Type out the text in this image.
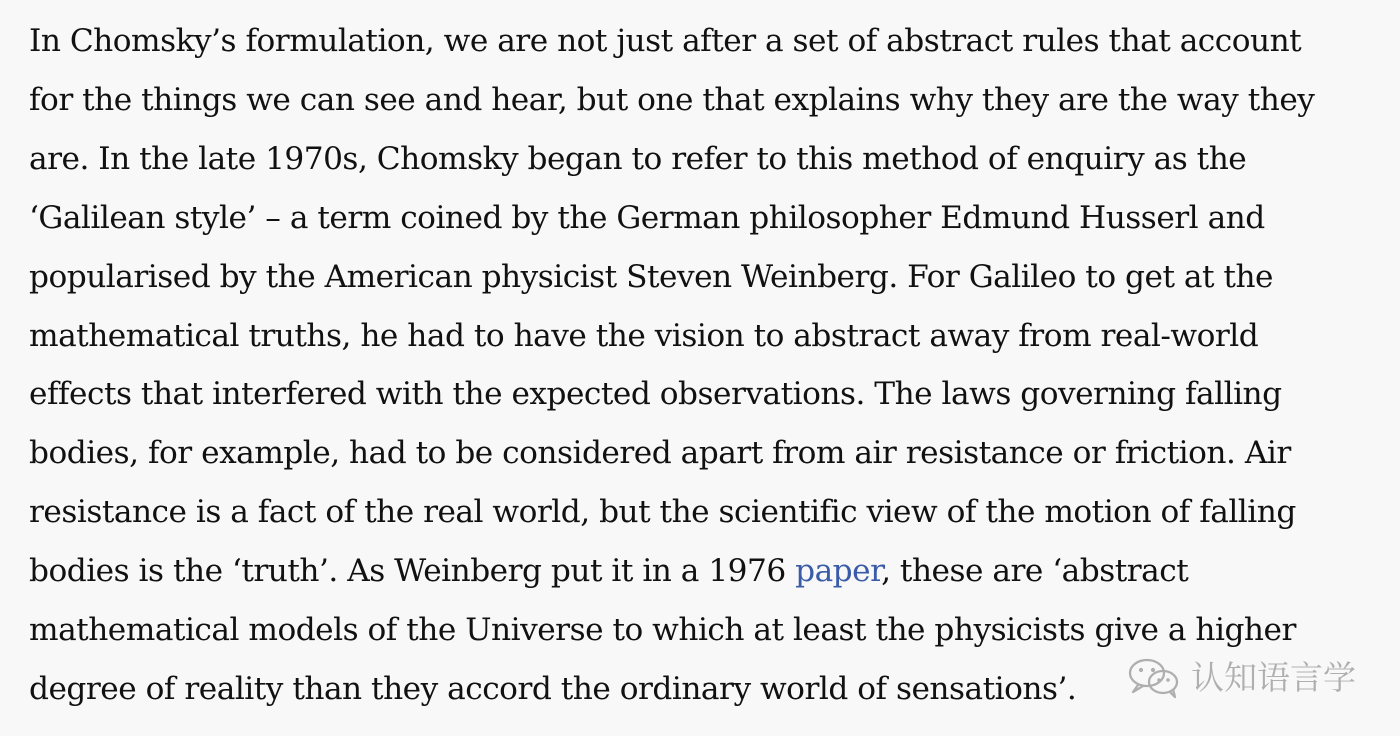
In Chomsky’s formulation, we are not just after a set of abstract rules that account
for the things we can see and hear, but one that explains why they are the way they
are. In the late 1970s, Chomsky began to refer to this method of enquiry as the
‘Galilean style’ – a term coined by the German philosopher Edmund Husserl and
popularised by the American physicist Steven Weinberg. For Galileo to get at the
mathematical truths, he had to have the vision to abstract away from real-world
effects that interfered with the expected observations. The laws governing falling
bodies, for example, had to be considered apart from air resistance or friction. Air
resistance is a fact of the real world, but the scientific view of the motion of falling
bodies is the ‘truth’. As Weinberg put it in a 1976 paper, these are ‘abstract
mathematical models of the Universe to which at least the physicists give a higher
degree of reality than they accord the ordinary world of sensations’.	认知语言学
